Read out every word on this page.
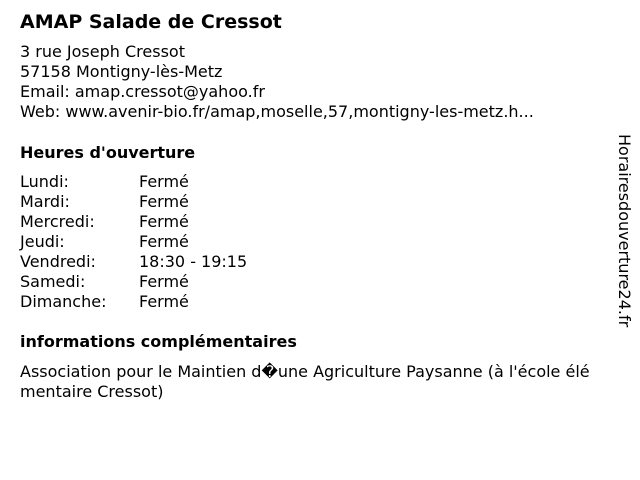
AMAP Salade de Cressot
3 rue Joseph Cressot
57158 Montigny-lès-Metz
Email: amap.cressot@yahoo.fr
Web: www.avenir-bio.fr/amap,moselle,57,montigny-les-metz.h...
Heures d'ouverture
Lundi:	Fermé
Mardi:	Fermé
Mercredi:	Fermé
Jeudi:	Fermé
Vendredi:	18:30 - 19:15
Samedi:	Fermé
Dimanche:	Fermé
informations complémentaires
Association pour le Maintien d�une Agriculture Paysanne (à l'école élémentaire Cressot)
Horairesdouverture24.fr
